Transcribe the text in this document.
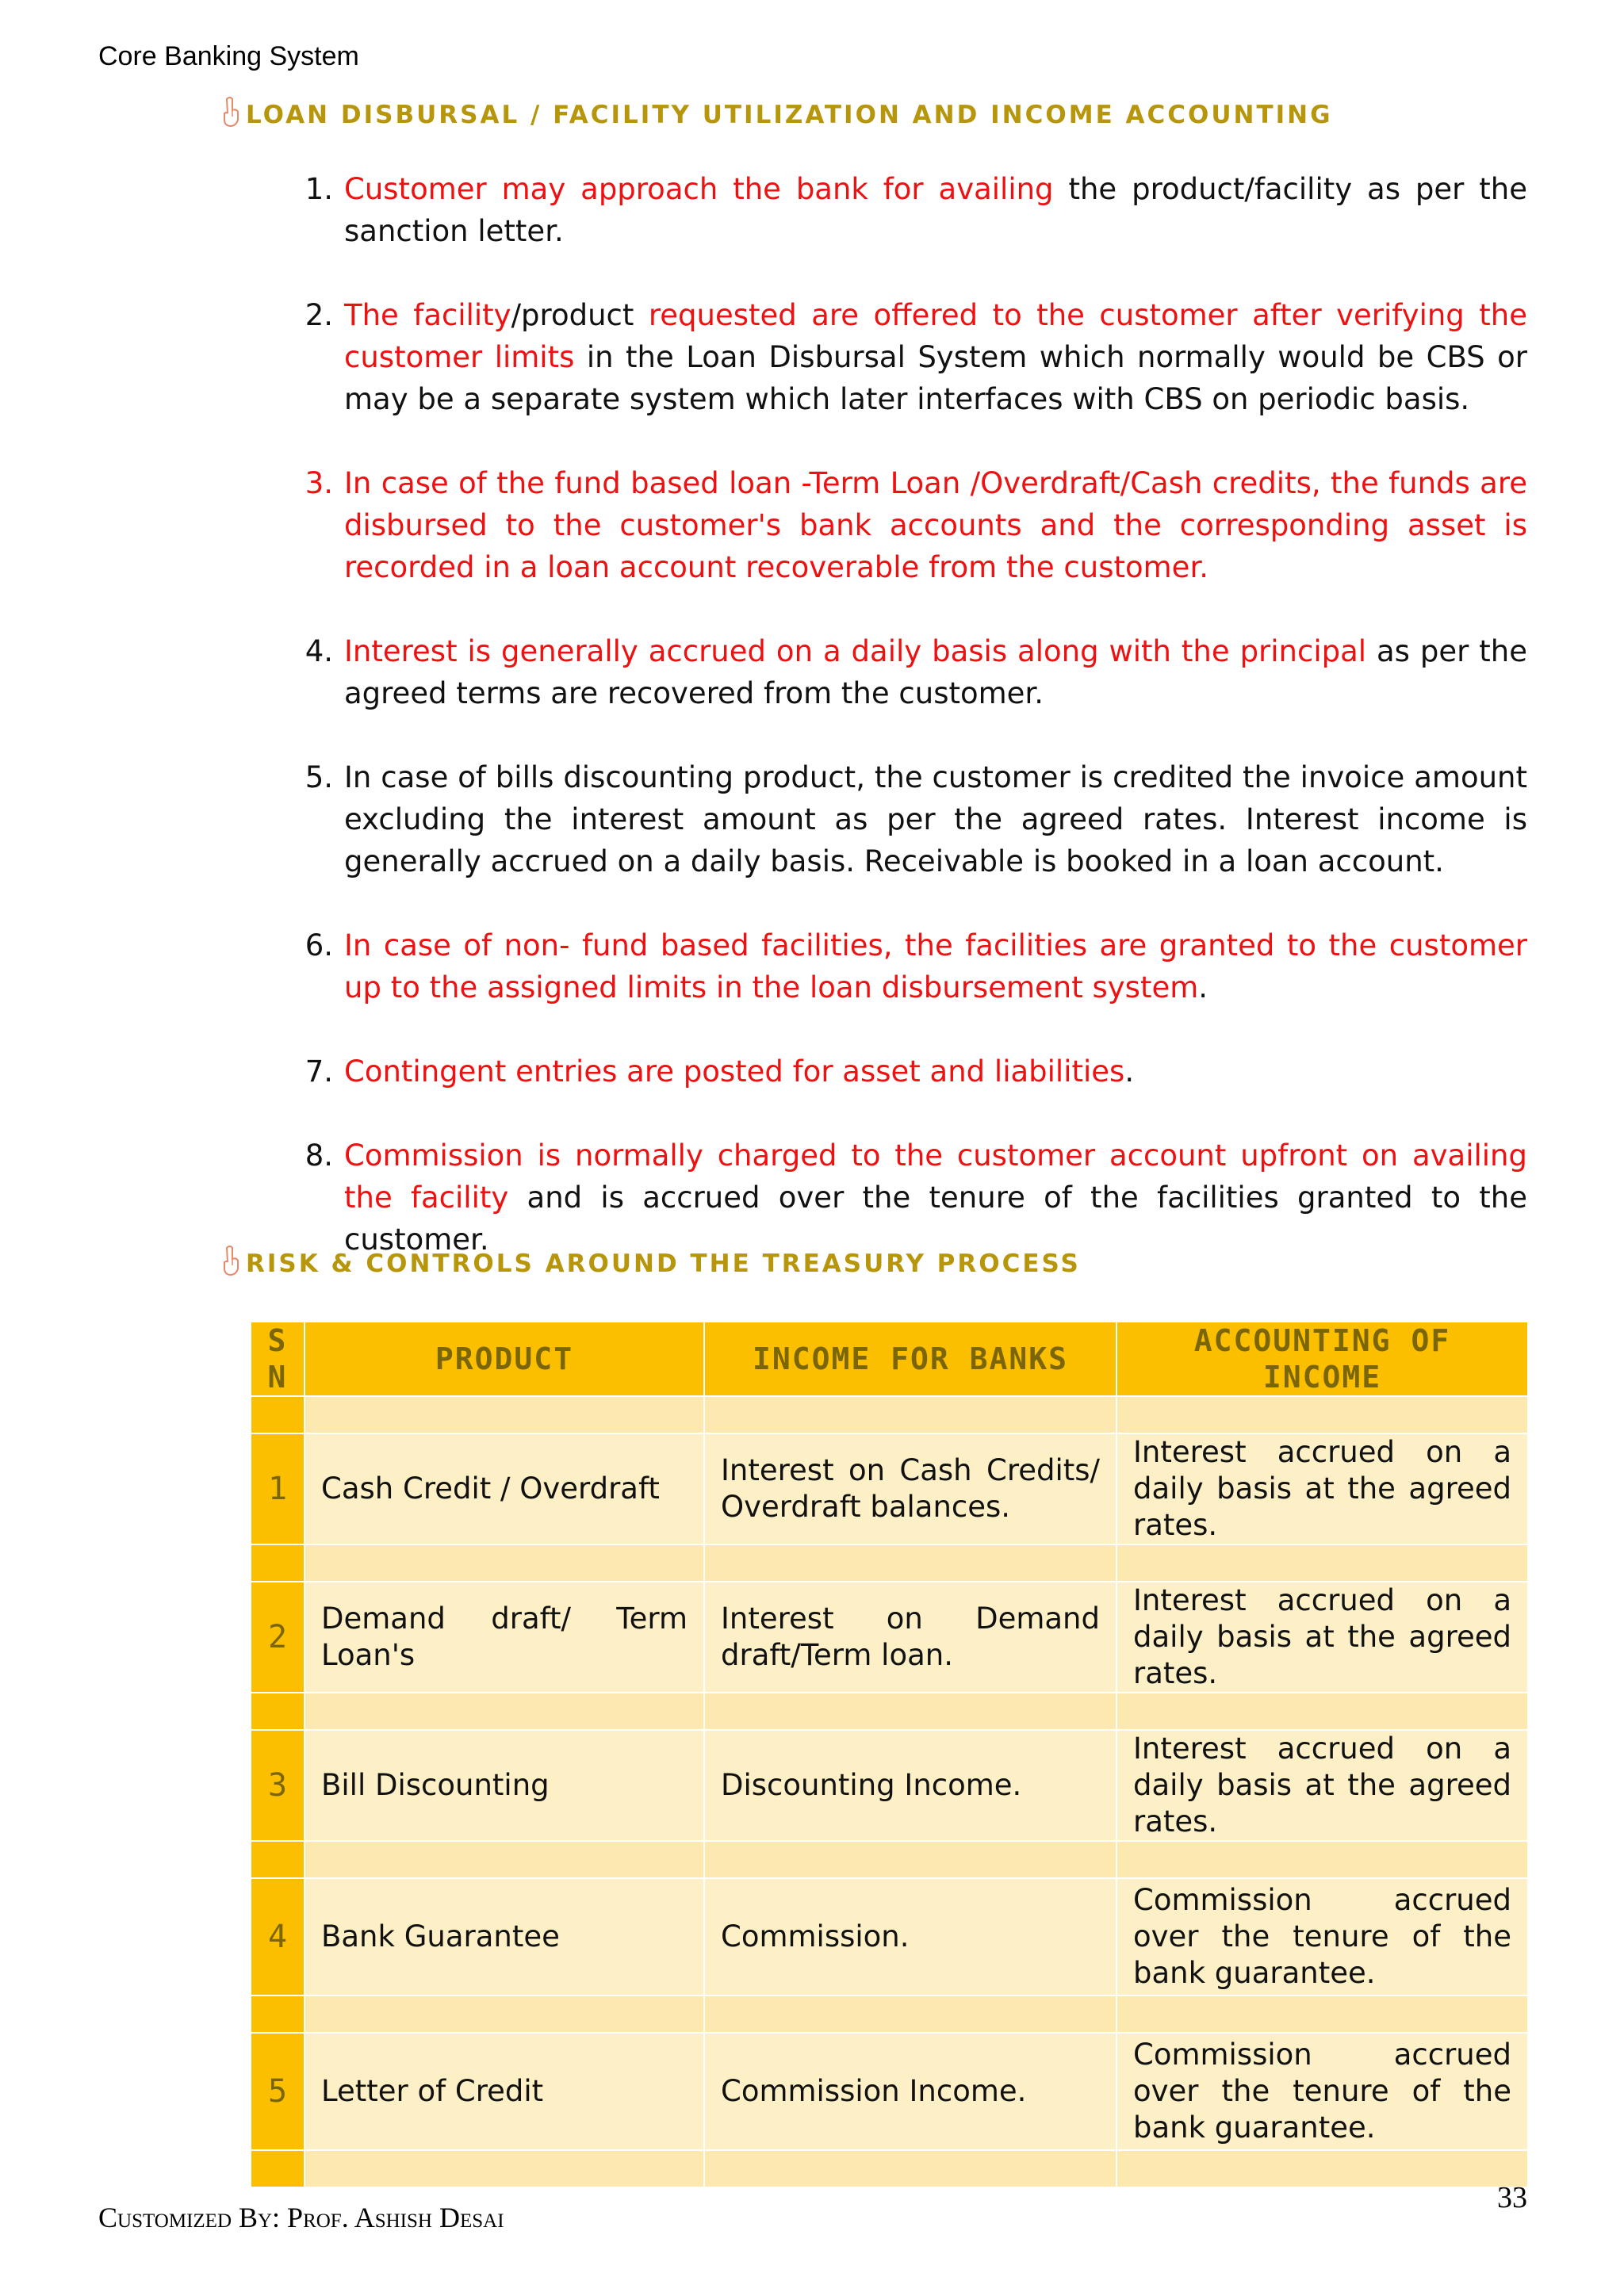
Core Banking System
LOAN DISBURSAL / FACILITY UTILIZATION AND INCOME ACCOUNTING
1. Customer may approach the bank for availing the product/facility as per the sanction letter.
2. The facility/product requested are offered to the customer after verifying the customer limits in the Loan Disbursal System which normally would be CBS or may be a separate system which later interfaces with CBS on periodic basis.
3. In case of the fund based loan -Term Loan /Overdraft/Cash credits, the funds are disbursed to the customer's bank accounts and the corresponding asset is recorded in a loan account recoverable from the customer.
4. Interest is generally accrued on a daily basis along with the principal as per the agreed terms are recovered from the customer.
5. In case of bills discounting product, the customer is credited the invoice amount excluding the interest amount as per the agreed rates. Interest income is generally accrued on a daily basis. Receivable is booked in a loan account.
6. In case of non- fund based facilities, the facilities are granted to the customer up to the assigned limits in the loan disbursement system.
7. Contingent entries are posted for asset and liabilities.
8. Commission is normally charged to the customer account upfront on availing the facility and is accrued over the tenure of the facilities granted to the customer.
RISK & CONTROLS AROUND THE TREASURY PROCESS
S N	PRODUCT	INCOME FOR BANKS	ACCOUNTING OF INCOME

1	Cash Credit / Overdraft	Interest on Cash Credits/ Overdraft balances.	Interest accrued on a daily basis at the agreed rates.

2	Demand draft/ Term Loan's	Interest on Demand draft/Term loan.	Interest accrued on a daily basis at the agreed rates.

3	Bill Discounting	Discounting Income.	Interest accrued on a daily basis at the agreed rates.

4	Bank Guarantee	Commission.	Commission accrued over the tenure of the bank guarantee.

5	Letter of Credit	Commission Income.	Commission accrued over the tenure of the bank guarantee.

33
Customized By: Prof. Ashish Desai
